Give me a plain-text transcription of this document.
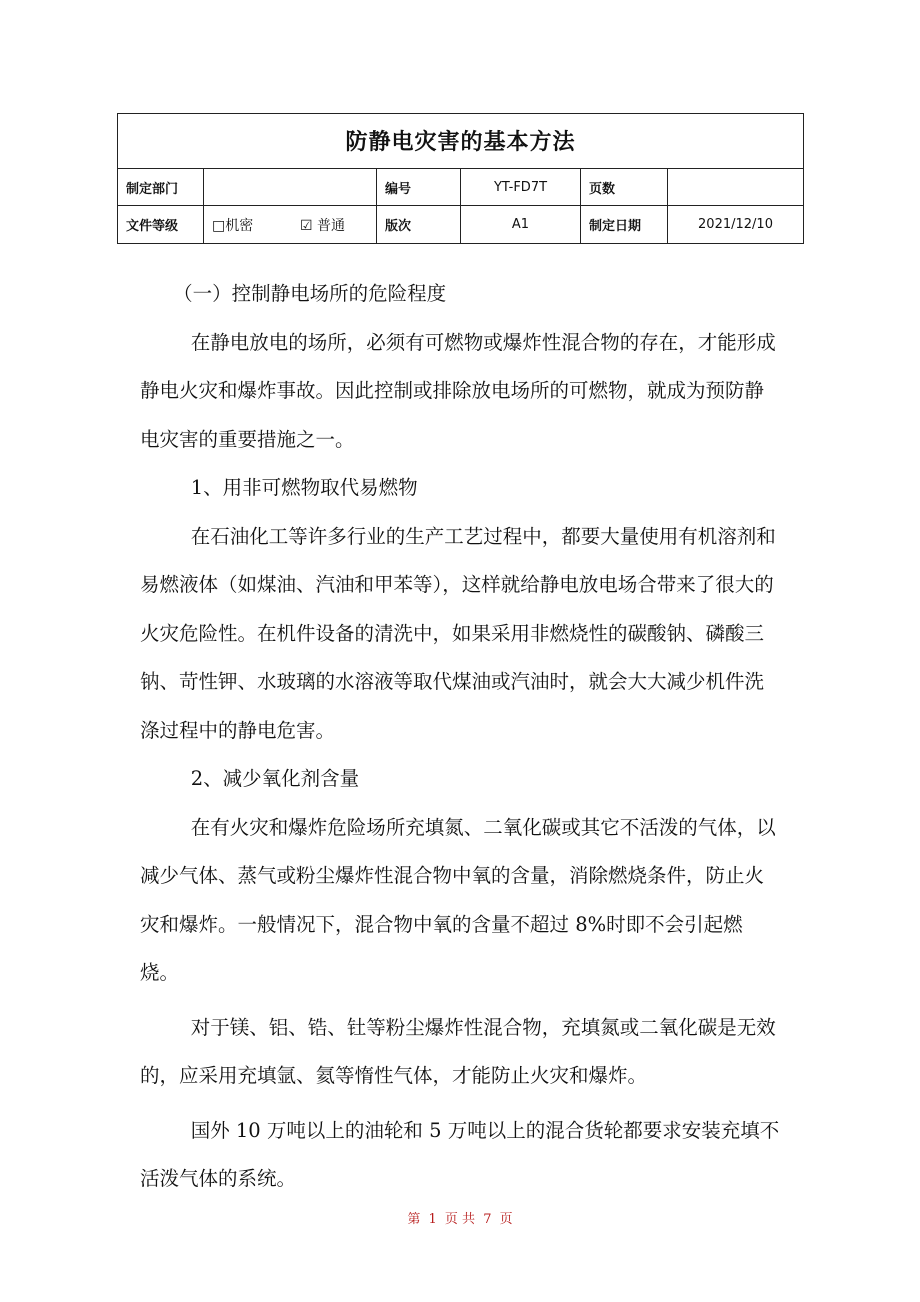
防静电灾害的基本方法					
制定部门		编号	YT-FD7T	页数	
文件等级	□机密 ☑ 普通	版次	A1	制定日期	2021/12/10

（一）控制静电场所的危险程度

在静电放电的场所，必须有可燃物或爆炸性混合物的存在，才能形成静电火灾和爆炸事故。因此控制或排除放电场所的可燃物，就成为预防静电灾害的重要措施之一。

1、用非可燃物取代易燃物

在石油化工等许多行业的生产工艺过程中，都要大量使用有机溶剂和易燃液体（如煤油、汽油和甲苯等），这样就给静电放电场合带来了很大的火灾危险性。在机件设备的清洗中，如果采用非燃烧性的碳酸钠、磷酸三钠、苛性钾、水玻璃的水溶液等取代煤油或汽油时，就会大大减少机件洗涤过程中的静电危害。

2、减少氧化剂含量

在有火灾和爆炸危险场所充填氮、二氧化碳或其它不活泼的气体，以减少气体、蒸气或粉尘爆炸性混合物中氧的含量，消除燃烧条件，防止火灾和爆炸。一般情况下，混合物中氧的含量不超过 8%时即不会引起燃烧。

对于镁、铝、锆、钍等粉尘爆炸性混合物，充填氮或二氧化碳是无效的，应采用充填氩、氦等惰性气体，才能防止火灾和爆炸。

国外 10 万吨以上的油轮和 5 万吨以上的混合货轮都要求安装充填不活泼气体的系统。

第 1 页 共 7 页
